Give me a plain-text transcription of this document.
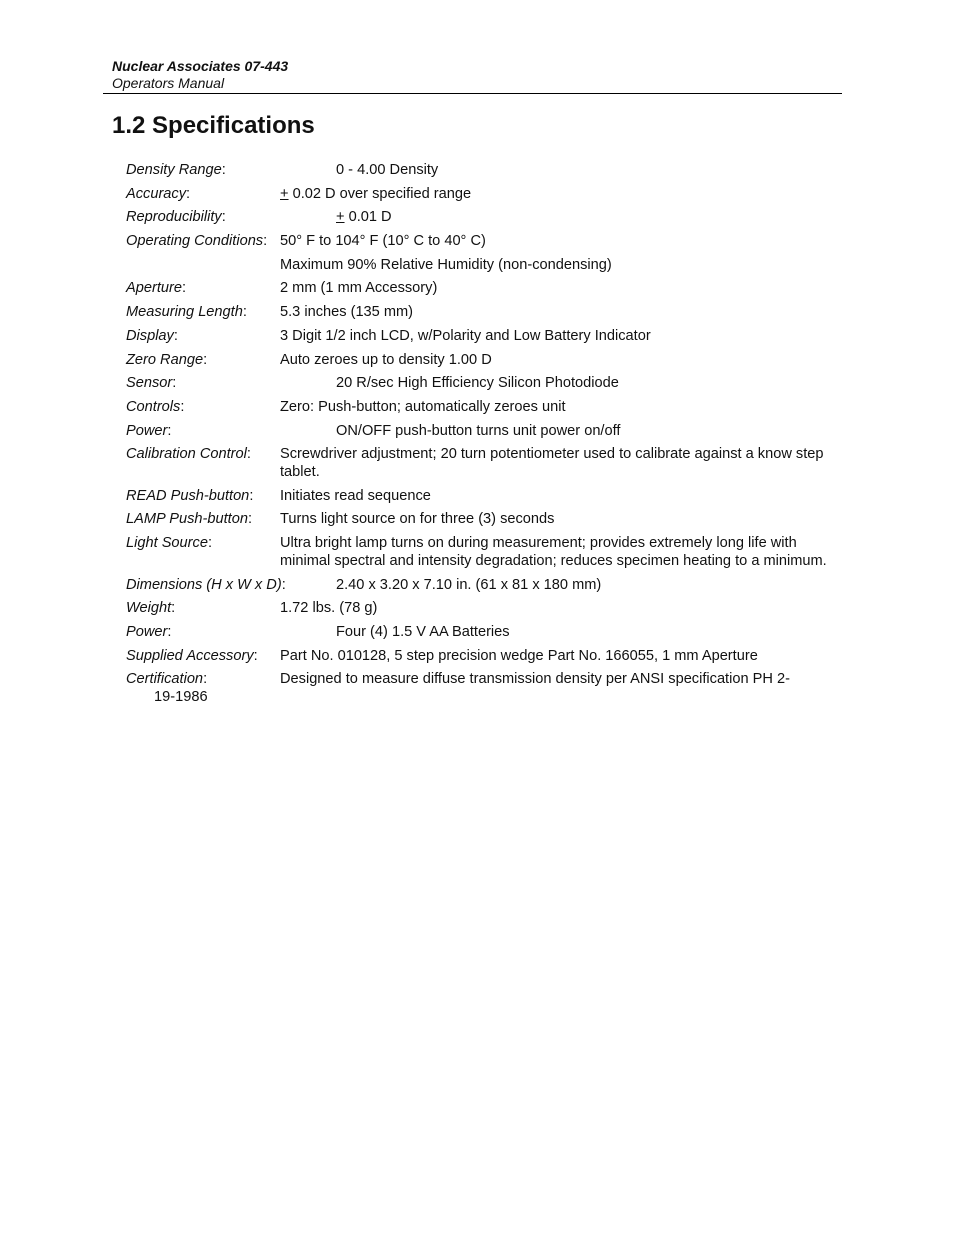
Nuclear Associates 07-443
Operators Manual
1.2 Specifications
Density Range:	0 - 4.00 Density
Accuracy:	+ 0.02 D over specified range
Reproducibility:	+ 0.01 D
Operating Conditions: 50° F to 104° F (10° C to 40° C)
Maximum 90% Relative Humidity (non-condensing)
Aperture:	2 mm (1 mm Accessory)
Measuring Length: 5.3 inches (135 mm)
Display:	3 Digit 1/2 inch LCD, w/Polarity and Low Battery Indicator
Zero Range:	Auto zeroes up to density 1.00 D
Sensor:	20 R/sec High Efficiency Silicon Photodiode
Controls:	Zero: Push-button; automatically zeroes unit
Power:	ON/OFF push-button turns unit power on/off
Calibration Control: Screwdriver adjustment; 20 turn potentiometer used to calibrate against a know step tablet.
READ Push-button: Initiates read sequence
LAMP Push-button: Turns light source on for three (3) seconds
Light Source:	Ultra bright lamp turns on during measurement; provides extremely long life with minimal spectral and intensity degradation; reduces specimen heating to a minimum.
Dimensions (H x W x D):	2.40 x 3.20 x 7.10 in. (61 x 81 x 180 mm)
Weight:	1.72 lbs. (78 g)
Power:	Four (4) 1.5 V AA Batteries
Supplied Accessory: Part No. 010128, 5 step precision wedge Part No. 166055, 1 mm Aperture
Certification:	Designed to measure diffuse transmission density per ANSI specification PH 2-
19-1986
